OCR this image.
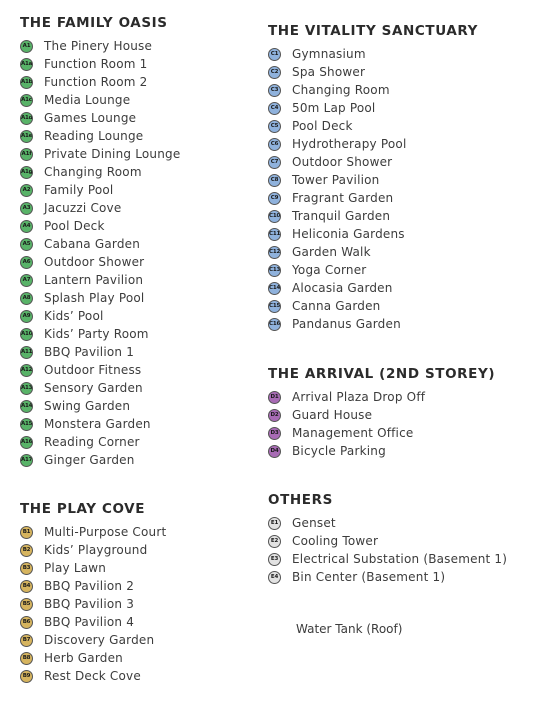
THE FAMILY OASIS
A1 The Pinery House
A1a Function Room 1
A1b Function Room 2
A1c Media Lounge
A1d Games Lounge
A1e Reading Lounge
A1f Private Dining Lounge
A1g Changing Room
A2 Family Pool
A3 Jacuzzi Cove
A4 Pool Deck
A5 Cabana Garden
A6 Outdoor Shower
A7 Lantern Pavilion
A8 Splash Play Pool
A9 Kids’ Pool
A10 Kids’ Party Room
A11 BBQ Pavilion 1
A12 Outdoor Fitness
A13 Sensory Garden
A14 Swing Garden
A15 Monstera Garden
A16 Reading Corner
A17 Ginger Garden
THE PLAY COVE
B1 Multi-Purpose Court
B2 Kids’ Playground
B3 Play Lawn
B4 BBQ Pavilion 2
B5 BBQ Pavilion 3
B6 BBQ Pavilion 4
B7 Discovery Garden
B8 Herb Garden
B9 Rest Deck Cove
THE VITALITY SANCTUARY
C1 Gymnasium
C2 Spa Shower
C3 Changing Room
C4 50m Lap Pool
C5 Pool Deck
C6 Hydrotherapy Pool
C7 Outdoor Shower
C8 Tower Pavilion
C9 Fragrant Garden
C10 Tranquil Garden
C11 Heliconia Gardens
C12 Garden Walk
C13 Yoga Corner
C14 Alocasia Garden
C15 Canna Garden
C16 Pandanus Garden
THE ARRIVAL (2ND STOREY)
D1 Arrival Plaza Drop Off
D2 Guard House
D3 Management Office
D4 Bicycle Parking
OTHERS
E1 Genset
E2 Cooling Tower
E3 Electrical Substation (Basement 1)
E4 Bin Center (Basement 1)
Water Tank (Roof)
